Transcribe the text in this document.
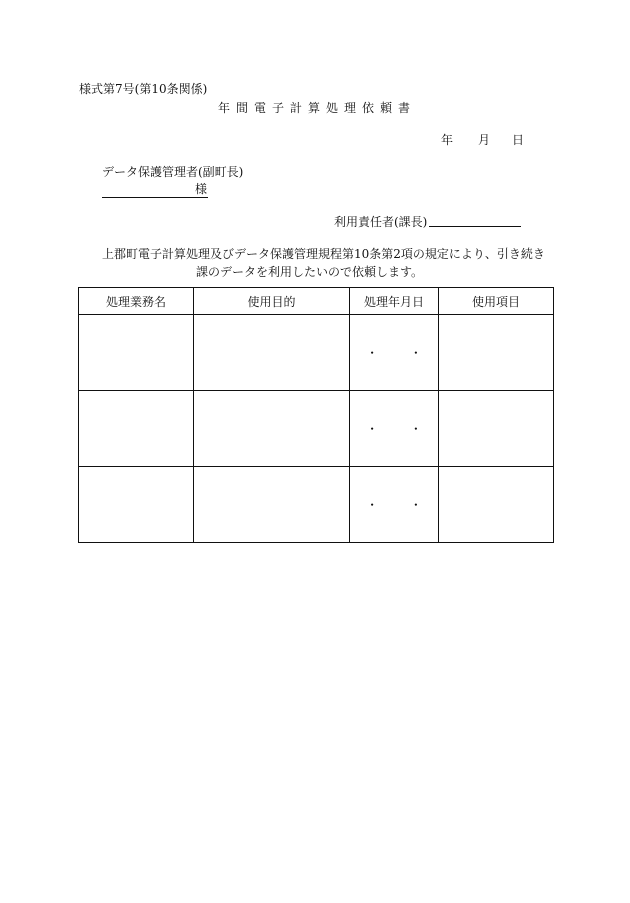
様式第7号(第10条関係)
年間電子計算処理依頼書
年 月 日
データ保護管理者(副町長)
様
利用責任者(課長)
上郡町電子計算処理及びデータ保護管理規程第10条第2項の規定により、引き続き
課のデータを利用したいので依頼します。
処理業務名	使用目的	処理年月日	使用項目
		・ ・	
		・ ・	
		・ ・	
